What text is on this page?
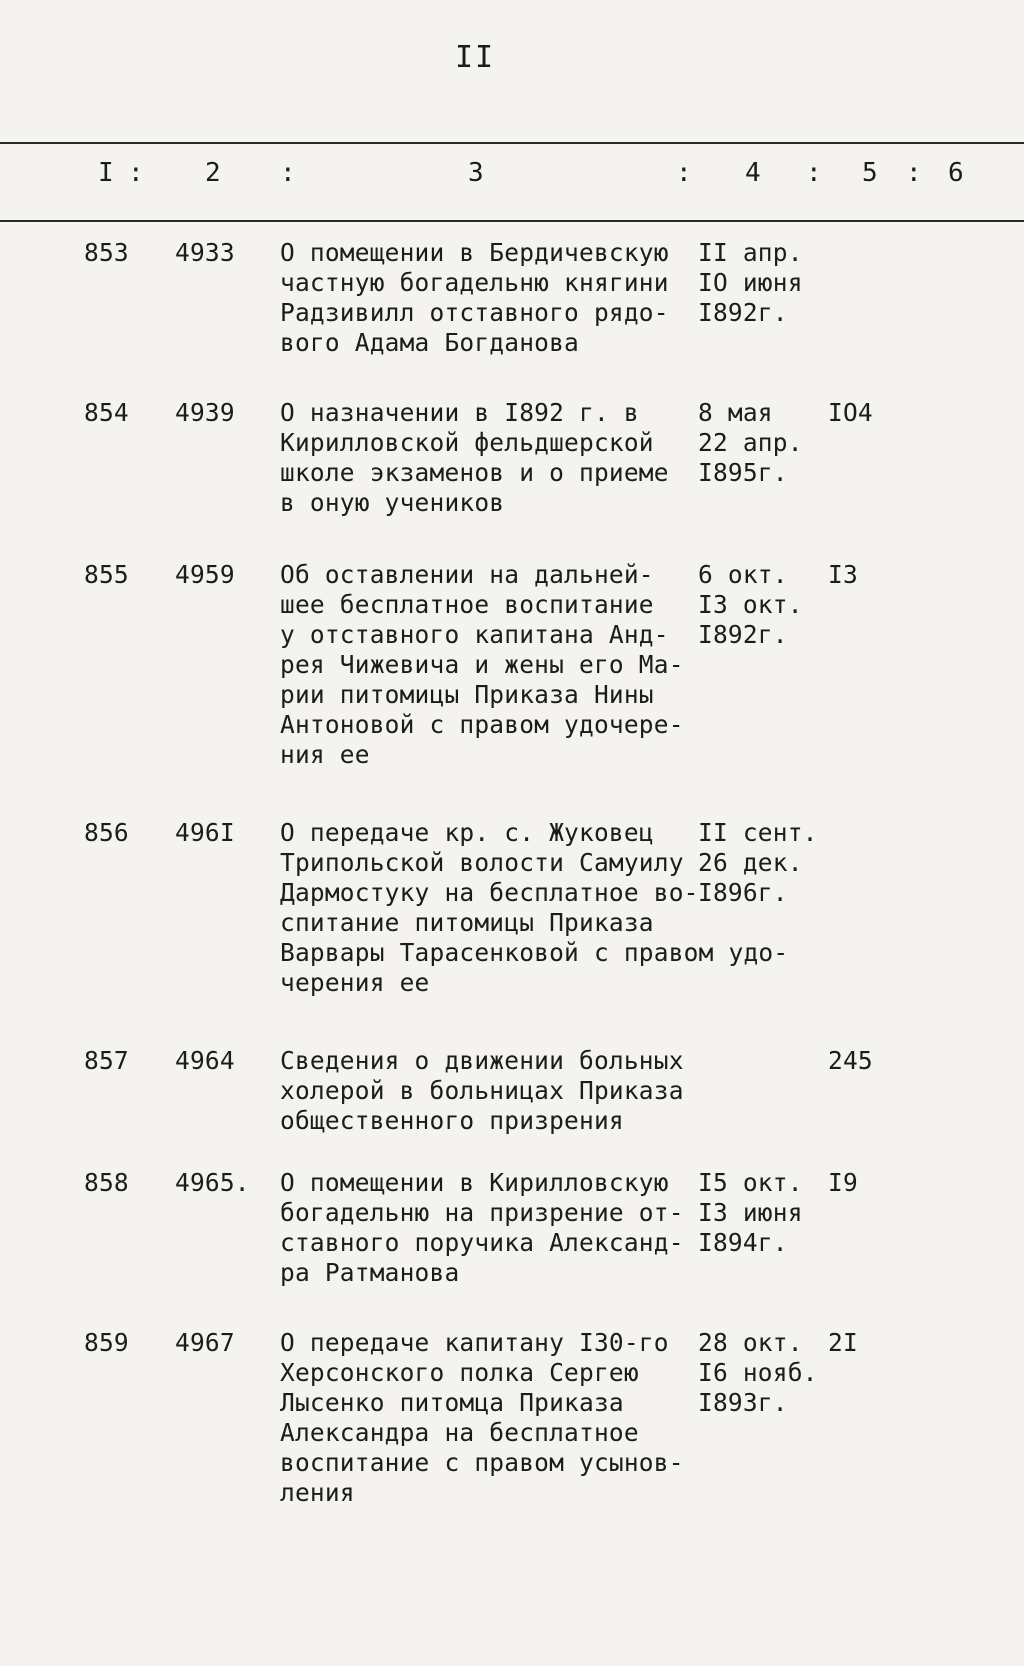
II
I : 2 :	3	: 4 : 5 : 6
853 4933 О помещении в Бердичевскую
частную богадельню княгини
Радзивилл отставного рядо-
вого Адама Богданова
II апр.
IO июня
I892г.
854 4939 О назначении в I892 г. в
Кирилловской фельдшерской
школе экзаменов и о приеме
в оную учеников
8 мая
22 апр.
I895г.
IO4
855 4959 Об оставлении на дальней-
шее бесплатное воспитание
у отставного капитана Анд-
рея Чижевича и жены его Ма-
рии питомицы Приказа Нины
Антоновой с правом удочере-
ния ее
6 окт.
I3 окт.
I892г.
I3
856 496I О передаче кр. с. Жуковец
Трипольской волости Самуилу
Дармостуку на бесплатное во-
спитание питомицы Приказа
Варвары Тарасенковой с правом удо-
черения ее
II сент.
26 дек.
I896г.
857 4964 Сведения о движении больных
холерой в больницах Приказа
общественного призрения
245
858 4965. О помещении в Кирилловскую
богадельню на призрение от-
ставного поручика Александ-
ра Ратманова
I5 окт.
I3 июня
I894г.
I9
859 4967 О передаче капитану I30-го
Херсонского полка Сергею
Лысенко питомца Приказа
Александра на бесплатное
воспитание с правом усынов-
ления
28 окт.
I6 нояб.
I893г.
2I
